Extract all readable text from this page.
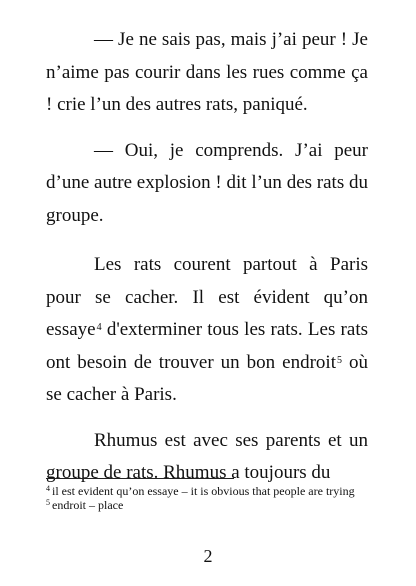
— Je ne sais pas, mais j’ai peur ! Je n’aime pas courir dans les rues comme ça ! crie l’un des autres rats, paniqué.

— Oui, je comprends. J’ai peur d’une autre explosion ! dit l’un des rats du groupe.

Les rats courent partout à Paris pour se cacher. Il est évident qu’on essaye$^4$ d'exterminer tous les rats. Les rats ont besoin de trouver un bon endroit$^5$ où se cacher à Paris.

Rhumus est avec ses parents et un groupe de rats. Rhumus a toujours du

$^4$ il est evident qu’on essaye – it is obvious that people are trying

$^5$ endroit – place

2
